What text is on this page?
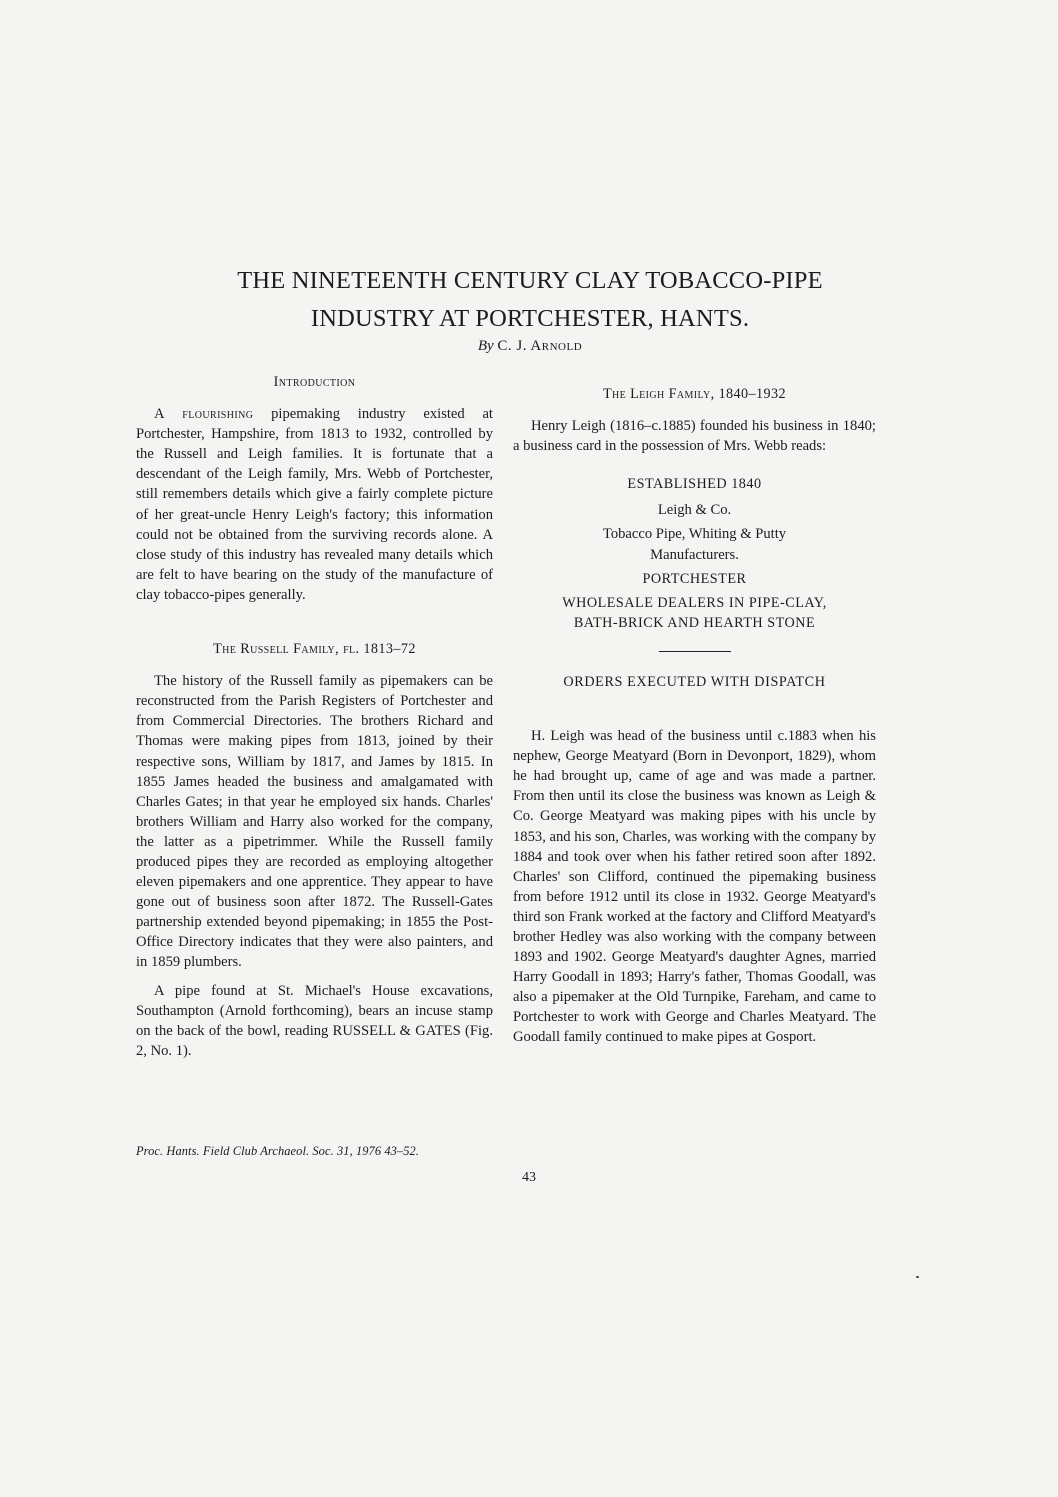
THE NINETEENTH CENTURY CLAY TOBACCO-PIPE
INDUSTRY AT PORTCHESTER, HANTS.
By C. J. Arnold
Introduction

A flourishing pipemaking industry existed at Portchester, Hampshire, from 1813 to 1932, controlled by the Russell and Leigh families. It is fortunate that a descendant of the Leigh family, Mrs. Webb of Portchester, still remembers details which give a fairly complete picture of her great-uncle Henry Leigh's factory; this information could not be obtained from the surviving records alone. A close study of this industry has revealed many details which are felt to have bearing on the study of the manufacture of clay tobacco-pipes generally.

The Russell Family, fl. 1813–72

The history of the Russell family as pipemakers can be reconstructed from the Parish Registers of Portchester and from Commercial Directories. The brothers Richard and Thomas were making pipes from 1813, joined by their respective sons, William by 1817, and James by 1815. In 1855 James headed the business and amalgamated with Charles Gates; in that year he employed six hands. Charles' brothers William and Harry also worked for the company, the latter as a pipetrimmer. While the Russell family produced pipes they are recorded as employing altogether eleven pipemakers and one apprentice. They appear to have gone out of business soon after 1872. The Russell-Gates partnership extended beyond pipemaking; in 1855 the Post-Office Directory indicates that they were also painters, and in 1859 plumbers.

A pipe found at St. Michael's House excavations, Southampton (Arnold forthcoming), bears an incuse stamp on the back of the bowl, reading RUSSELL & GATES (Fig. 2, No. 1).

The Leigh Family, 1840–1932

Henry Leigh (1816–c.1885) founded his business in 1840; a business card in the possession of Mrs. Webb reads:

ESTABLISHED 1840
Leigh & Co.
Tobacco Pipe, Whiting & Putty
Manufacturers.
PORTCHESTER
WHOLESALE DEALERS IN PIPE-CLAY,
BATH-BRICK AND HEARTH STONE
ORDERS EXECUTED WITH DISPATCH

H. Leigh was head of the business until c.1883 when his nephew, George Meatyard (Born in Devonport, 1829), whom he had brought up, came of age and was made a partner. From then until its close the business was known as Leigh & Co. George Meatyard was making pipes with his uncle by 1853, and his son, Charles, was working with the company by 1884 and took over when his father retired soon after 1892. Charles' son Clifford, continued the pipemaking business from before 1912 until its close in 1932. George Meatyard's third son Frank worked at the factory and Clifford Meatyard's brother Hedley was also working with the company between 1893 and 1902. George Meatyard's daughter Agnes, married Harry Goodall in 1893; Harry's father, Thomas Goodall, was also a pipemaker at the Old Turnpike, Fareham, and came to Portchester to work with George and Charles Meatyard. The Goodall family continued to make pipes at Gosport.

Proc. Hants. Field Club Archaeol. Soc. 31, 1976 43–52.
43
